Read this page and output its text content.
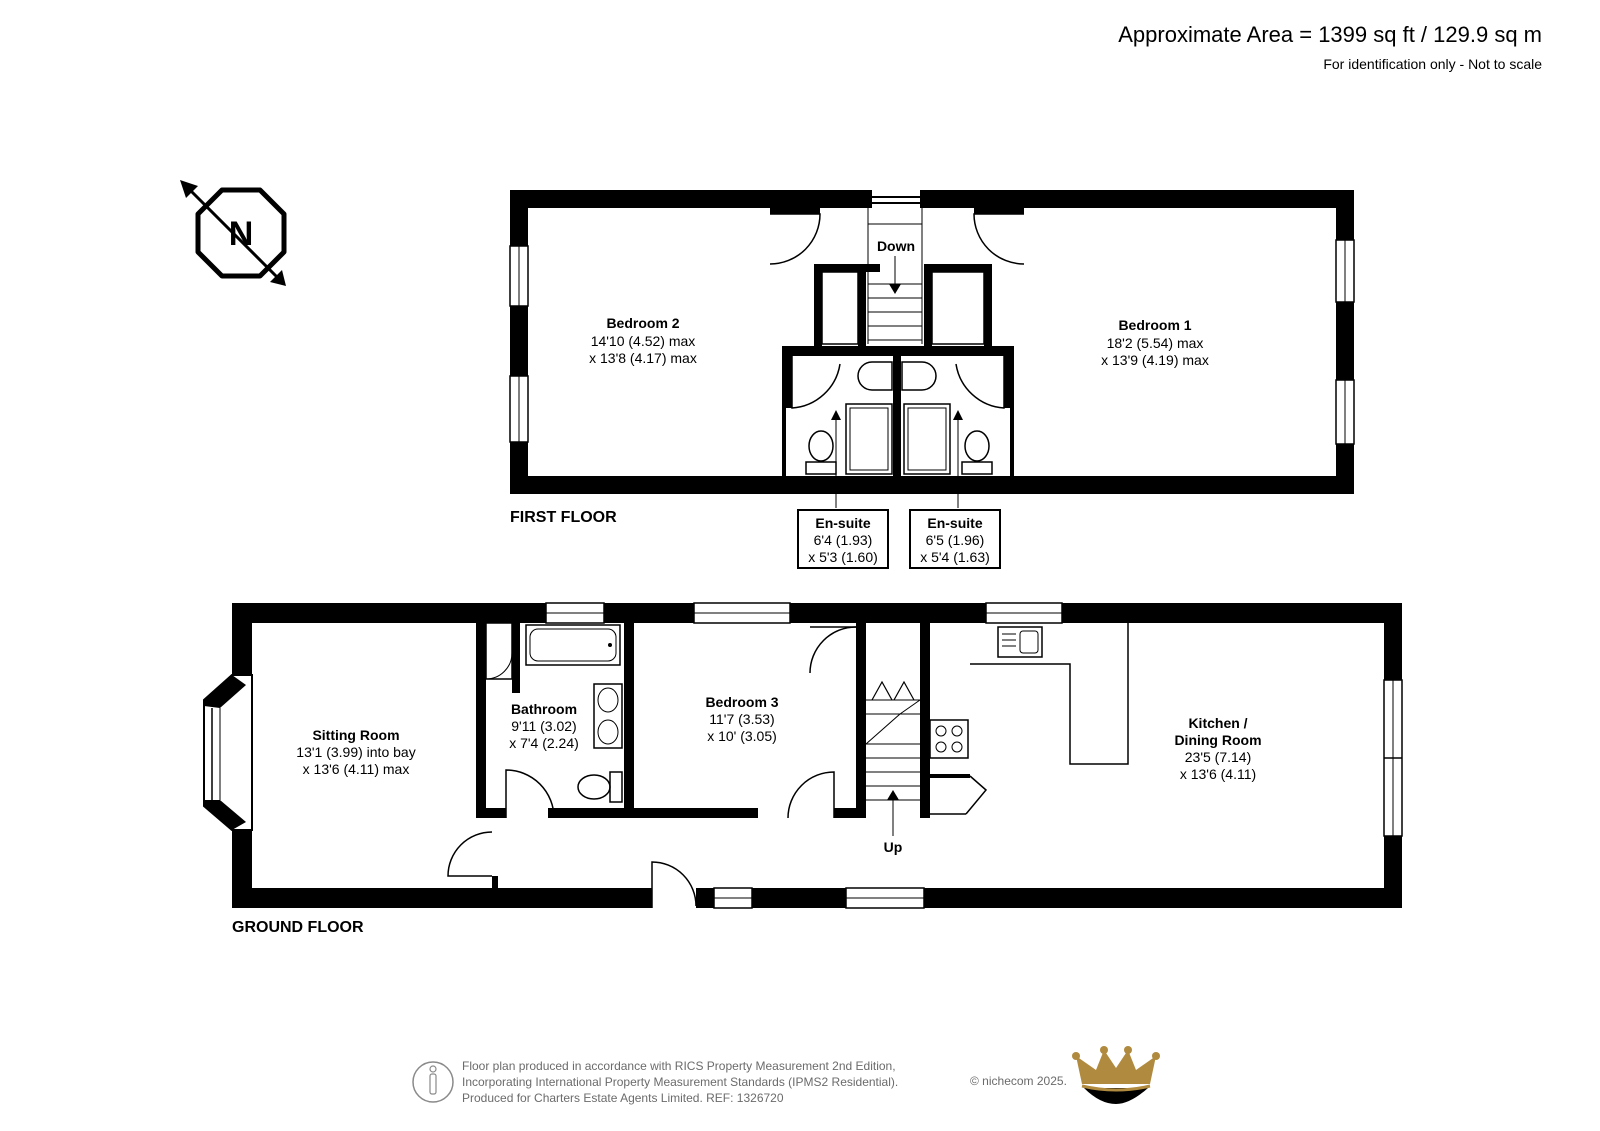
Approximate Area = 1399 sq ft / 129.9 sq m
For identification only - Not to scale
N	Down
Bedroom 2
14'10 (4.52) max
x 13'8 (4.17) max
Bedroom 1
18'2 (5.54) max
x 13'9 (4.19) max
FIRST FLOOR	En-suite
6'4 (1.93)
x 5'3 (1.60)
En-suite
6'5 (1.96)
x 5'4 (1.63)
Up
Sitting Room
13'1 (3.99) into bay
x 13'6 (4.11) max
Bathroom
9'11 (3.02)
x 7'4 (2.24)
Bedroom 3
11'7 (3.53)
x 10' (3.05)
Kitchen /
Dining Room
23'5 (7.14)
x 13'6 (4.11)
GROUND FLOOR
Floor plan produced in accordance with RICS Property Measurement 2nd Edition,
Incorporating International Property Measurement Standards (IPMS2 Residential).
Produced for Charters Estate Agents Limited. REF: 1326720
© nichecom 2025.
